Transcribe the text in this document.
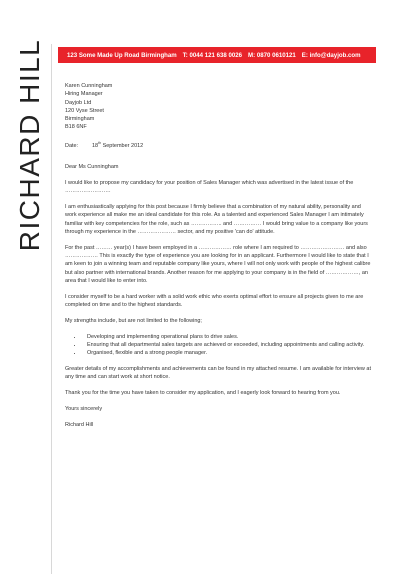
RICHARD HILL	123 Some Made Up Road Birmingham T: 0044 121 638 0026 M: 0870 0610121 E: info@dayjob.com
Karen Cunningham
Hiring Manager
Dayjob Ltd
120 Vyse Street
Birmingham
B18 6NF
Date:	18th September 2012

Dear Ms Cunningham

I would like to propose my candidacy for your position of Sales Manager which was advertised in the latest issue of the …………………….

I am enthusiastically applying for this post because I firmly believe that a combination of my natural ability, personality and work experience all make me an ideal candidate for this role. As a talented and experienced Sales Manager I am intimately familiar with key competencies for the role, such as …………….. and …………… I would bring value to a company like yours through my experience in the ………………… sector, and my positive 'can do' attitude.

For the past ……… year(s) I have been employed in a ……………… role where I am required to …………………… and also ……………… This is exactly the type of experience you are looking for in an applicant. Furthermore I would like to state that I am keen to join a winning team and reputable company like yours, where I will not only work with people of the highest calibre but also partner with international brands. Another reason for me applying to your company is in the field of ………………, an area that I would like to enter into.

I consider myself to be a hard worker with a solid work ethic who exerts optimal effort to ensure all projects given to me are completed on time and to the highest standards.

My strengths include, but are not limited to the following;

• Developing and implementing operational plans to drive sales.
• Ensuring that all departmental sales targets are achieved or exceeded, including appointments and calling activity.
• Organised, flexible and a strong people manager.

Greater details of my accomplishments and achievements can be found in my attached resume. I am available for interview at any time and can start work at short notice.

Thank you for the time you have taken to consider my application, and I eagerly look forward to hearing from you.

Yours sincerely

Richard Hill
